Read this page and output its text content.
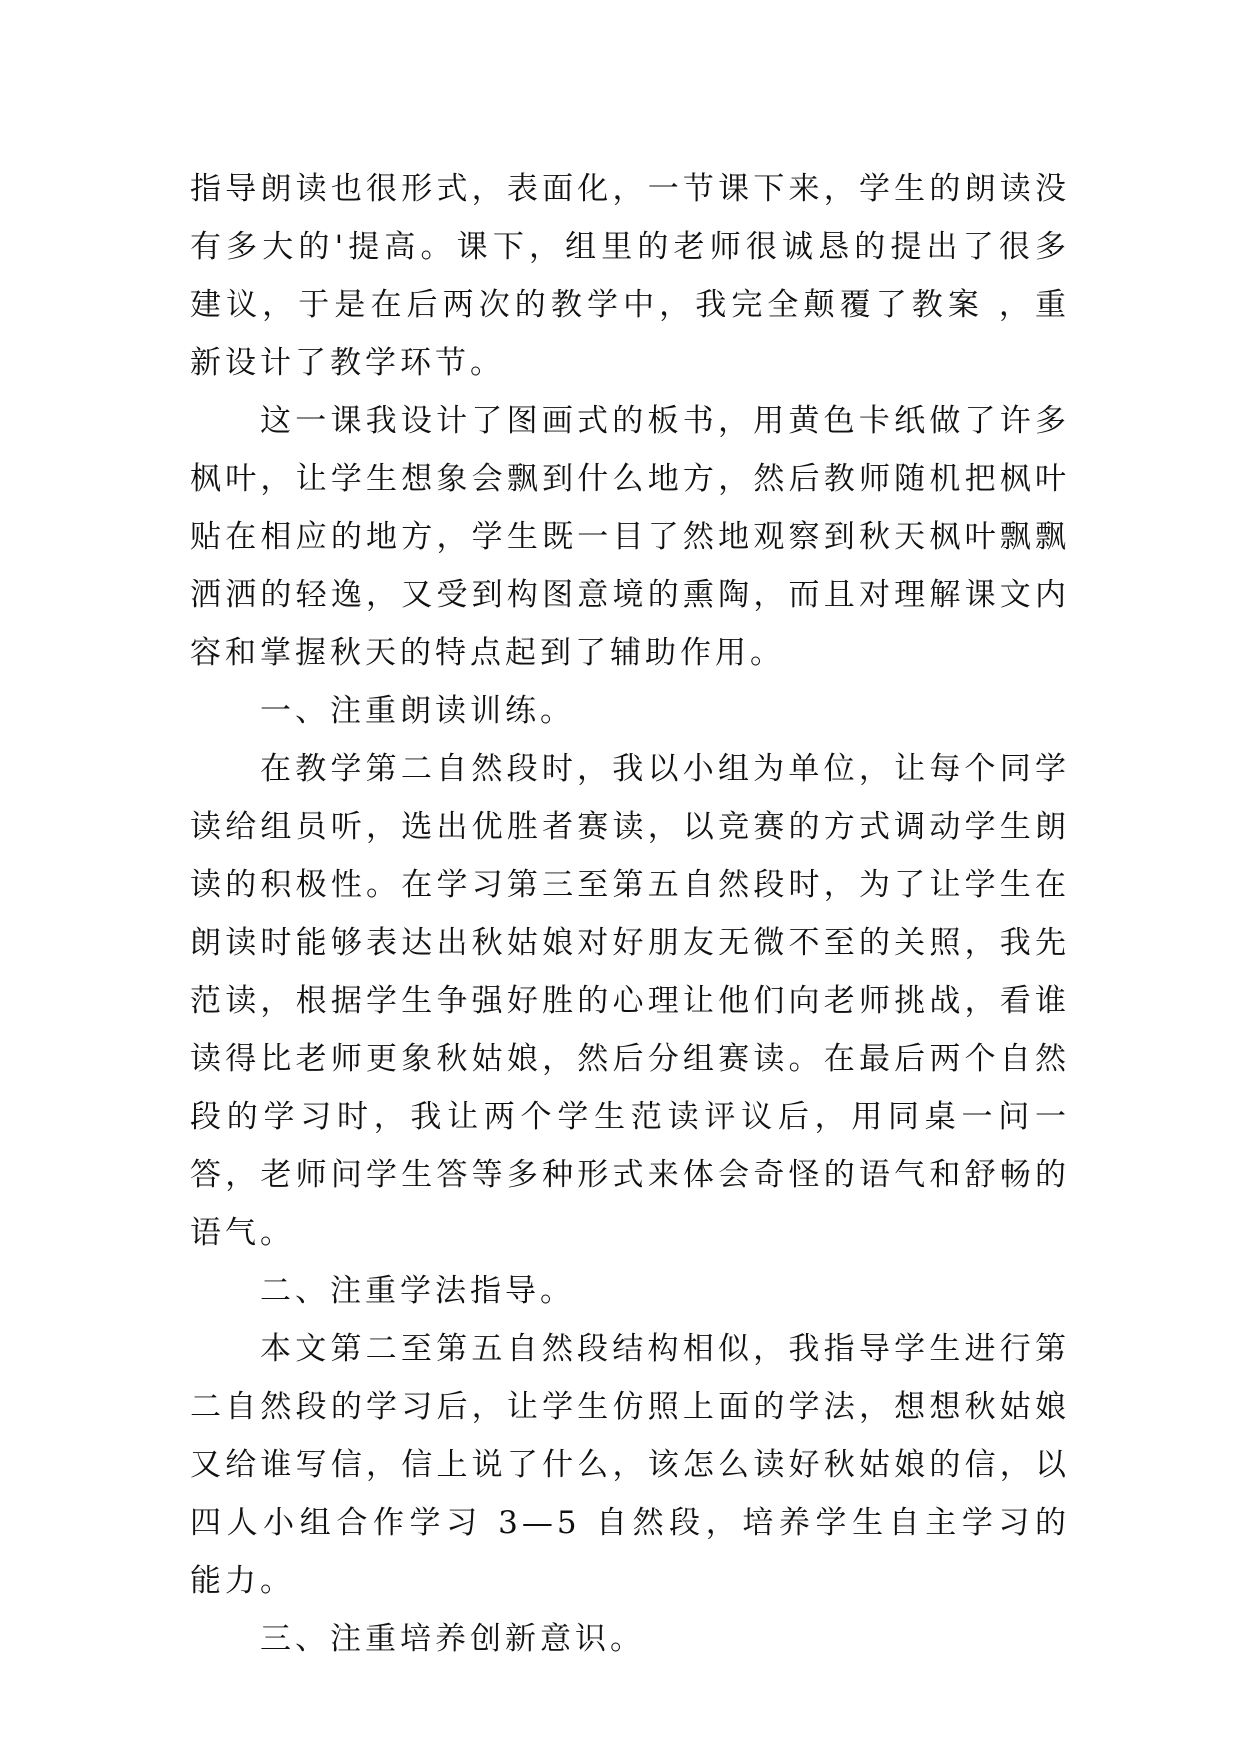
指导朗读也很形式，表面化，一节课下来，学生的朗读没有多大的'提高。课下，组里的老师很诚恳的提出了很多建议，于是在后两次的教学中，我完全颠覆了教案 ，重新设计了教学环节。

这一课我设计了图画式的板书，用黄色卡纸做了许多枫叶，让学生想象会飘到什么地方，然后教师随机把枫叶贴在相应的地方，学生既一目了然地观察到秋天枫叶飘飘洒洒的轻逸，又受到构图意境的熏陶，而且对理解课文内容和掌握秋天的特点起到了辅助作用。

一、注重朗读训练。

在教学第二自然段时，我以小组为单位，让每个同学读给组员听，选出优胜者赛读，以竞赛的方式调动学生朗读的积极性。在学习第三至第五自然段时，为了让学生在朗读时能够表达出秋姑娘对好朋友无微不至的关照，我先范读，根据学生争强好胜的心理让他们向老师挑战，看谁读得比老师更象秋姑娘，然后分组赛读。在最后两个自然段的学习时，我让两个学生范读评议后，用同桌一问一答，老师问学生答等多种形式来体会奇怪的语气和舒畅的语气。

二、注重学法指导。

本文第二至第五自然段结构相似，我指导学生进行第二自然段的学习后，让学生仿照上面的学法，想想秋姑娘又给谁写信，信上说了什么，该怎么读好秋姑娘的信，以四人小组合作学习 3—5 自然段，培养学生自主学习的能力。

三、注重培养创新意识。
